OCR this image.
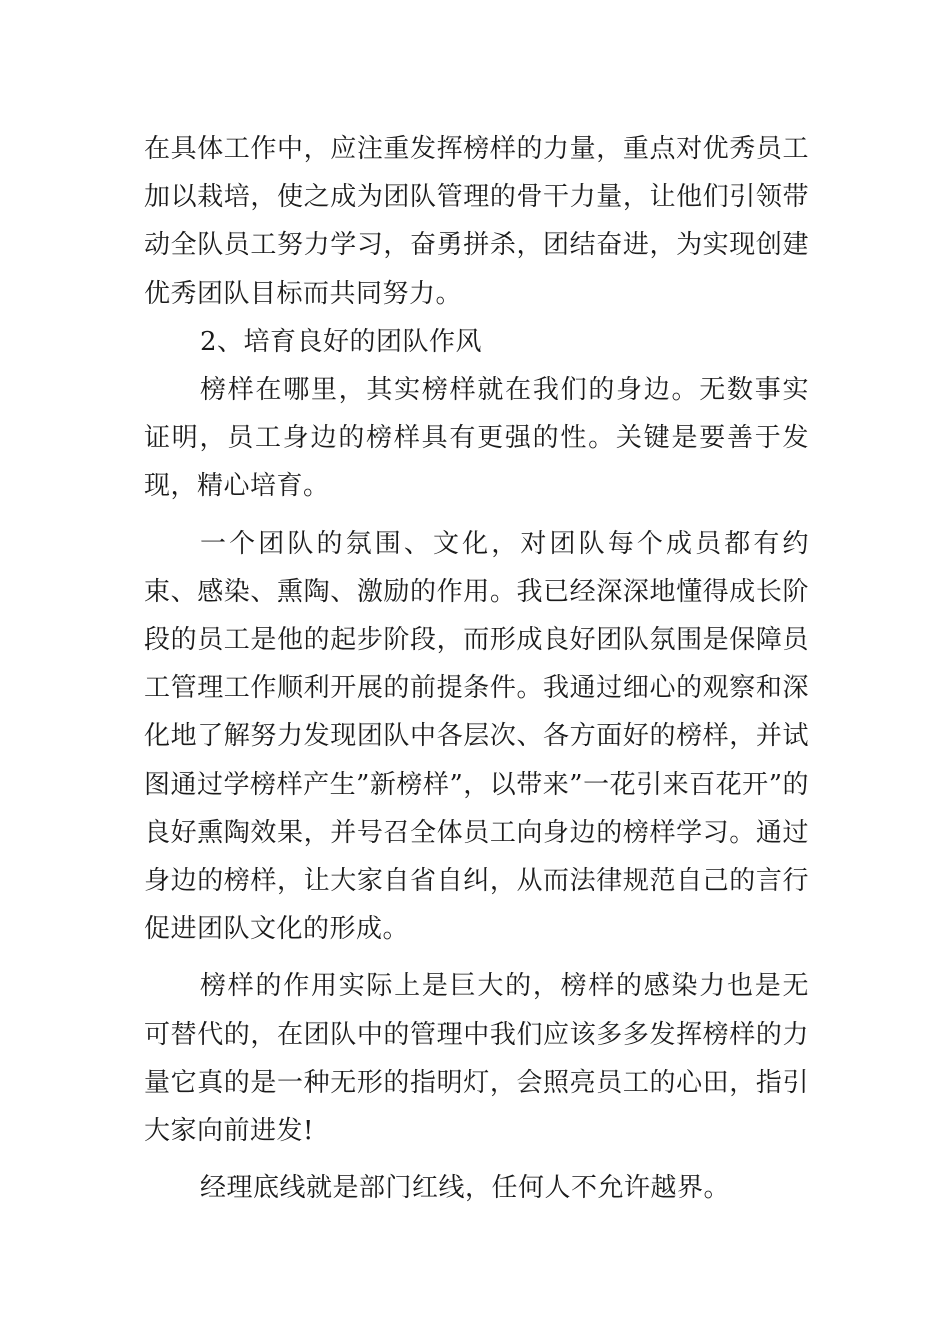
在具体工作中，应注重发挥榜样的力量，重点对优秀员工加以栽培，使之成为团队管理的骨干力量，让他们引领带动全队员工努力学习，奋勇拼杀，团结奋进，为实现创建优秀团队目标而共同努力。

2、培育良好的团队作风

榜样在哪里，其实榜样就在我们的身边。无数事实证明，员工身边的榜样具有更强的性。关键是要善于发现，精心培育。

一个团队的氛围、文化，对团队每个成员都有约束、感染、熏陶、激励的作用。我已经深深地懂得成长阶段的员工是他的起步阶段，而形成良好团队氛围是保障员工管理工作顺利开展的前提条件。我通过细心的观察和深化地了解努力发现团队中各层次、各方面好的榜样，并试图通过学榜样产生”新榜样”，以带来”一花引来百花开”的良好熏陶效果，并号召全体员工向身边的榜样学习。通过身边的榜样，让大家自省自纠，从而法律规范自己的言行促进团队文化的形成。

榜样的作用实际上是巨大的，榜样的感染力也是无可替代的，在团队中的管理中我们应该多多发挥榜样的力量它真的是一种无形的指明灯，会照亮员工的心田，指引大家向前进发!

经理底线就是部门红线，任何人不允许越界。
